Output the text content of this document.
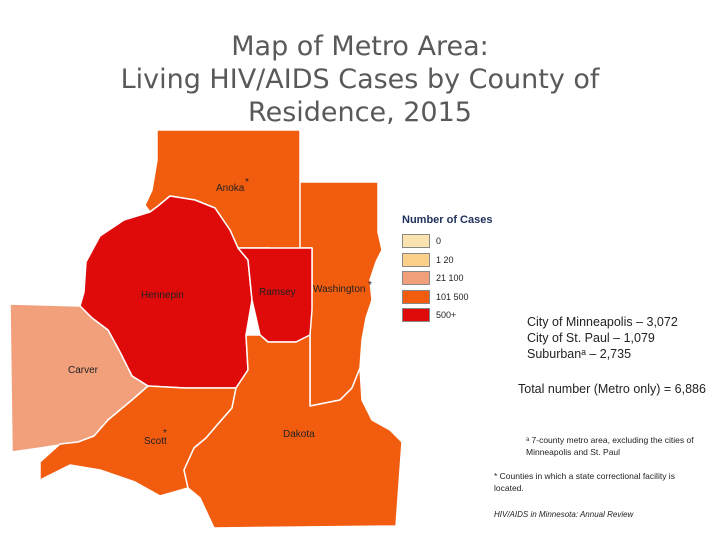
Map of Metro Area:
Living HIV/AIDS Cases by County of
Residence, 2015
Anoka
*
Hennepin	Ramsey Washington *
Carver
Scott
*	Dakota
Number of Cases
0
1 20
21 100
101 500
500+	City of Minneapolis – 3,072
City of St. Paul – 1,079
Suburbanᵃ – 2,735
Total number (Metro only) = 6,886
ᵃ 7-county metro area, excluding the cities of Minneapolis and St. Paul
* Counties in which a state correctional facility is located.
HIV/AIDS in Minnesota: Annual Review
